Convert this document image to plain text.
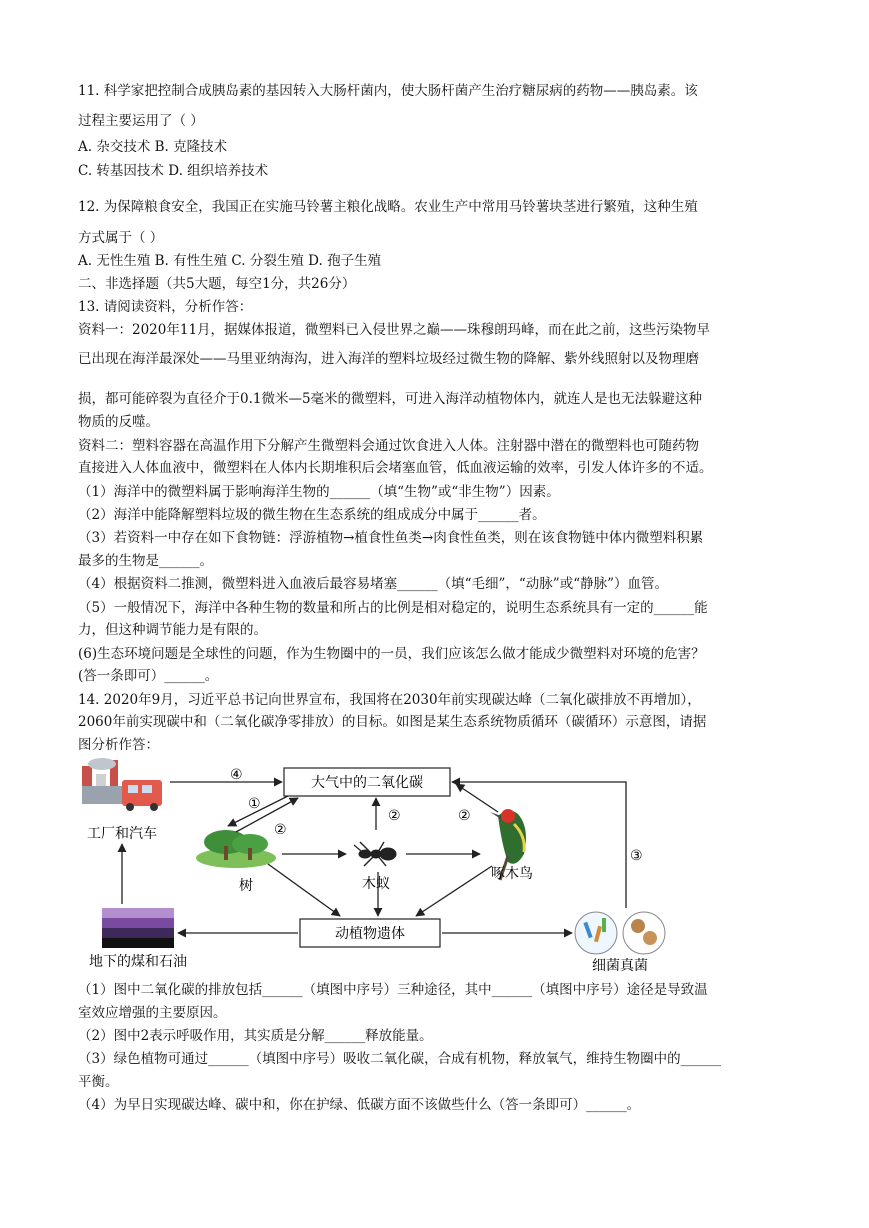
11. 科学家把控制合成胰岛素的基因转入大肠杆菌内，使大肠杆菌产生治疗糖尿病的药物——胰岛素。该
过程主要运用了（ ）
A. 杂交技术 B. 克隆技术
C. 转基因技术 D. 组织培养技术
12. 为保障粮食安全，我国正在实施马铃薯主粮化战略。农业生产中常用马铃薯块茎进行繁殖，这种生殖
方式属于（ ）
A. 无性生殖 B. 有性生殖 C. 分裂生殖 D. 孢子生殖
二、非选择题（共5大题，每空1分，共26分）
13. 请阅读资料，分析作答：
资料一：2020年11月，据媒体报道，微塑料已入侵世界之巅——珠穆朗玛峰，而在此之前，这些污染物早
已出现在海洋最深处——马里亚纳海沟，进入海洋的塑料垃圾经过微生物的降解、紫外线照射以及物理磨
损，都可能碎裂为直径介于0.1微米—5毫米的微塑料，可进入海洋动植物体内，就连人是也无法躲避这种
物质的反噬。
资料二：塑料容器在高温作用下分解产生微塑料会通过饮食进入人体。注射器中潜在的微塑料也可随药物
直接进入人体血液中，微塑料在人体内长期堆积后会堵塞血管，低血液运输的效率，引发人体许多的不适。
（1）海洋中的微塑料属于影响海洋生物的______（填“生物”或“非生物”）因素。
（2）海洋中能降解塑料垃圾的微生物在生态系统的组成成分中属于______者。
（3）若资料一中存在如下食物链：浮游植物→植食性鱼类→肉食性鱼类，则在该食物链中体内微塑料积累
最多的生物是______。
（4）根据资料二推测，微塑料进入血液后最容易堵塞______（填“毛细”，“动脉”或“静脉”）血管。
（5）一般情况下，海洋中各种生物的数量和所占的比例是相对稳定的，说明生态系统具有一定的______能
力，但这种调节能力是有限的。
(6)生态环境问题是全球性的问题，作为生物圈中的一员，我们应该怎么做才能成少微塑料对环境的危害？
(答一条即可）______。
14. 2020年9月，习近平总书记向世界宣布，我国将在2030年前实现碳达峰（二氧化碳排放不再增加），
2060年前实现碳中和（二氧化碳净零排放）的目标。如图是某生态系统物质循环（碳循环）示意图，请据
图分析作答：
大气中的二氧化碳
动植物遗体
工厂和汽车
树	木蚁
啄木鸟
地下的煤和石油	细菌真菌
④
①
②
②	②
③
（1）图中二氧化碳的排放包括______（填图中序号）三种途径，其中______（填图中序号）途径是导致温
室效应增强的主要原因。
（2）图中2表示呼吸作用，其实质是分解______释放能量。
（3）绿色植物可通过______（填图中序号）吸收二氧化碳，合成有机物，释放氧气，维持生物圈中的______
平衡。
（4）为早日实现碳达峰、碳中和，你在护绿、低碳方面不该做些什么（答一条即可）______。
